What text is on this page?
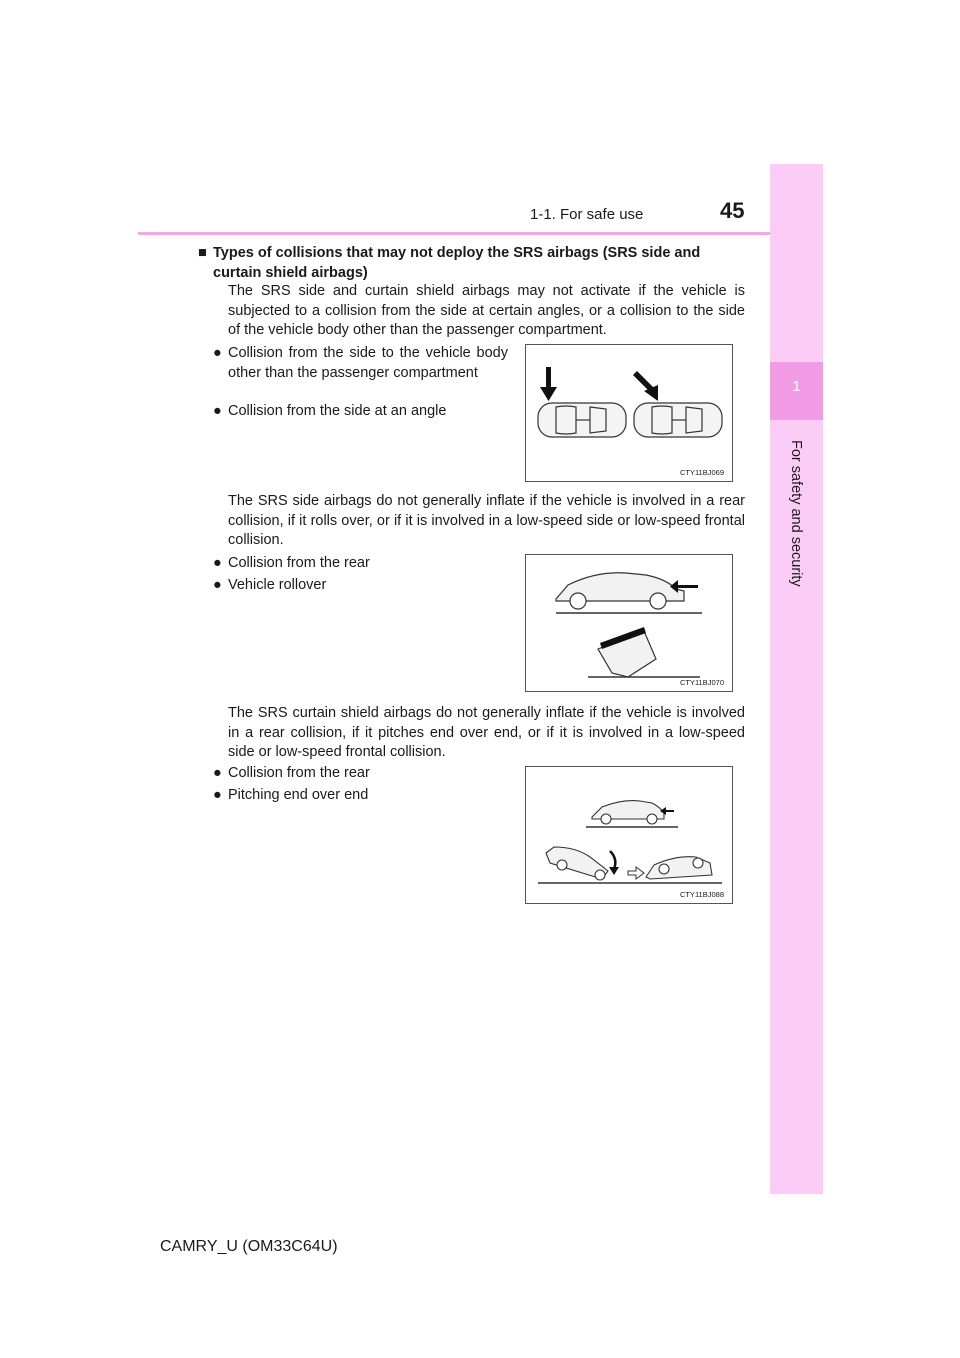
1-1. For safe use	45
1
For safety and security
■ Types of collisions that may not deploy the SRS airbags (SRS side and curtain shield airbags)
The SRS side and curtain shield airbags may not activate if the vehicle is subjected to a collision from the side at certain angles, or a collision to the side of the vehicle body other than the passenger compartment.
● Collision from the side to the vehicle body other than the passenger compartment
● Collision from the side at an angle
CTY11BJ069
The SRS side airbags do not generally inflate if the vehicle is involved in a rear collision, if it rolls over, or if it is involved in a low-speed side or low-speed frontal collision.
● Collision from the rear
● Vehicle rollover
CTY11BJ070
The SRS curtain shield airbags do not generally inflate if the vehicle is involved in a rear collision, if it pitches end over end, or if it is involved in a low-speed side or low-speed frontal collision.
● Collision from the rear
● Pitching end over end
CTY11BJ088
CAMRY_U (OM33C64U)
